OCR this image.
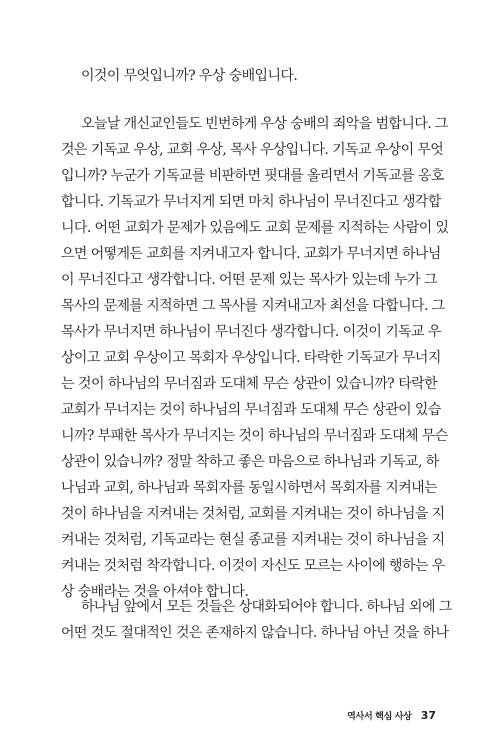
이것이 무엇입니까? 우상 숭배입니다.
오늘날 개신교인들도 빈번하게 우상 숭배의 죄악을 범합니다. 그
것은 기독교 우상, 교회 우상, 목사 우상입니다. 기독교 우상이 무엇
입니까? 누군가 기독교를 비판하면 핏대를 올리면서 기독교를 옹호
합니다. 기독교가 무너지게 되면 마치 하나님이 무너진다고 생각합
니다. 어떤 교회가 문제가 있음에도 교회 문제를 지적하는 사람이 있
으면 어떻게든 교회를 지켜내고자 합니다. 교회가 무너지면 하나님
이 무너진다고 생각합니다. 어떤 문제 있는 목사가 있는데 누가 그
목사의 문제를 지적하면 그 목사를 지켜내고자 최선을 다합니다. 그
목사가 무너지면 하나님이 무너진다 생각합니다. 이것이 기독교 우
상이고 교회 우상이고 목회자 우상입니다. 타락한 기독교가 무너지
는 것이 하나님의 무너짐과 도대체 무슨 상관이 있습니까? 타락한
교회가 무너지는 것이 하나님의 무너짐과 도대체 무슨 상관이 있습
니까? 부패한 목사가 무너지는 것이 하나님의 무너짐과 도대체 무슨
상관이 있습니까? 정말 착하고 좋은 마음으로 하나님과 기독교, 하
나님과 교회, 하나님과 목회자를 동일시하면서 목회자를 지켜내는
것이 하나님을 지켜내는 것처럼, 교회를 지켜내는 것이 하나님을 지
켜내는 것처럼, 기독교라는 현실 종교를 지켜내는 것이 하나님을 지
켜내는 것처럼 착각합니다. 이것이 자신도 모르는 사이에 행하는 우
상 숭배라는 것을 아셔야 합니다.
하나님 앞에서 모든 것들은 상대화되어야 합니다. 하나님 외에 그
어떤 것도 절대적인 것은 존재하지 않습니다. 하나님 아닌 것을 하나
역사서 핵심 사상 37
